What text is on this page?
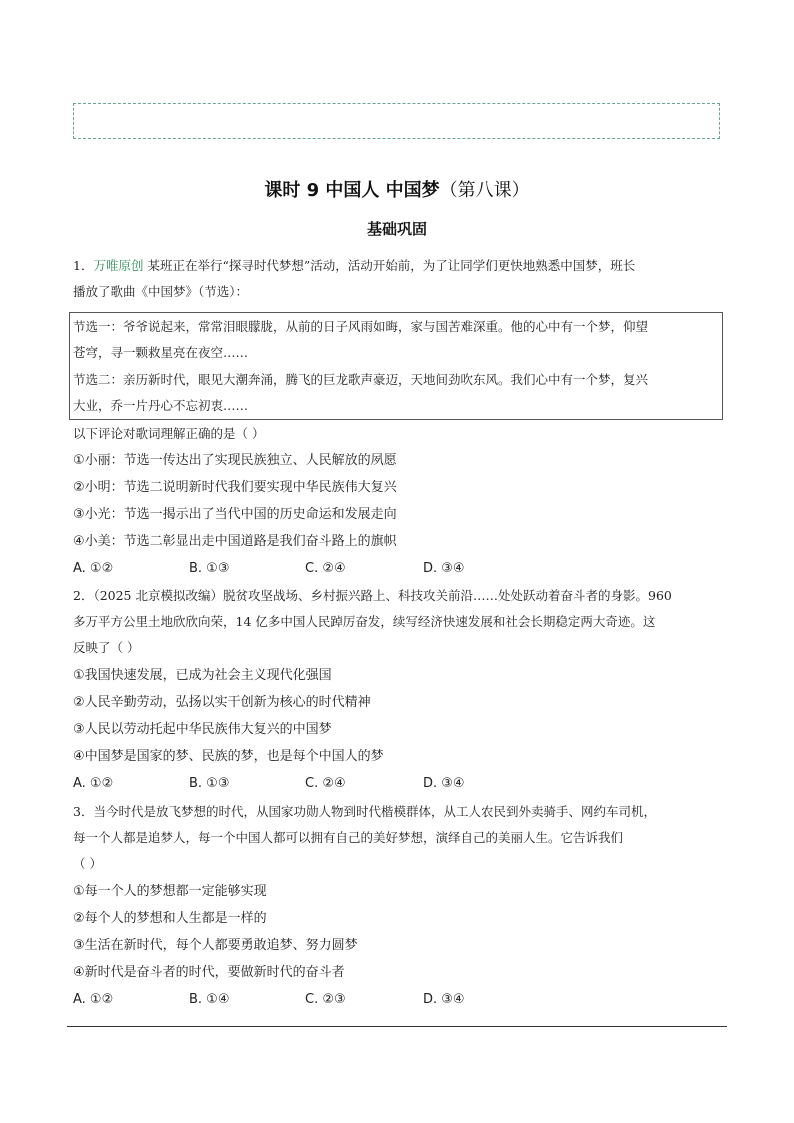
课时 9 中国人 中国梦（第八课）
基础巩固
1．万唯原创 某班正在举行“探寻时代梦想”活动，活动开始前，为了让同学们更快地熟悉中国梦，班长
播放了歌曲《中国梦》（节选）：
节选一：爷爷说起来，常常泪眼朦胧，从前的日子风雨如晦，家与国苦难深重。他的心中有一个梦，仰望
苍穹，寻一颗救星亮在夜空……
节选二：亲历新时代，眼见大潮奔涌，腾飞的巨龙歌声豪迈，天地间劲吹东风。我们心中有一个梦，复兴
大业，乔一片丹心不忘初衷……
以下评论对歌词理解正确的是（ ）
①小丽：节选一传达出了实现民族独立、人民解放的夙愿
②小明：节选二说明新时代我们要实现中华民族伟大复兴
③小光：节选一揭示出了当代中国的历史命运和发展走向
④小美：节选二彰显出走中国道路是我们奋斗路上的旗帜
A. ①②	B. ①③	C. ②④	D. ③④
2．（2025 北京模拟改编）脱贫攻坚战场、乡村振兴路上、科技攻关前沿……处处跃动着奋斗者的身影。960
多万平方公里土地欣欣向荣，14 亿多中国人民踔厉奋发，续写经济快速发展和社会长期稳定两大奇迹。这
反映了（ ）
①我国快速发展，已成为社会主义现代化强国
②人民辛勤劳动，弘扬以实干创新为核心的时代精神
③人民以劳动托起中华民族伟大复兴的中国梦
④中国梦是国家的梦、民族的梦，也是每个中国人的梦
A. ①②	B. ①③	C. ②④	D. ③④
3．当今时代是放飞梦想的时代，从国家功勋人物到时代楷模群体，从工人农民到外卖骑手、网约车司机，
每一个人都是追梦人，每一个中国人都可以拥有自己的美好梦想，演绎自己的美丽人生。它告诉我们
（ ）
①每一个人的梦想都一定能够实现
②每个人的梦想和人生都是一样的
③生活在新时代，每个人都要勇敢追梦、努力圆梦
④新时代是奋斗者的时代，要做新时代的奋斗者
A. ①②	B. ①④	C. ②③	D. ③④
